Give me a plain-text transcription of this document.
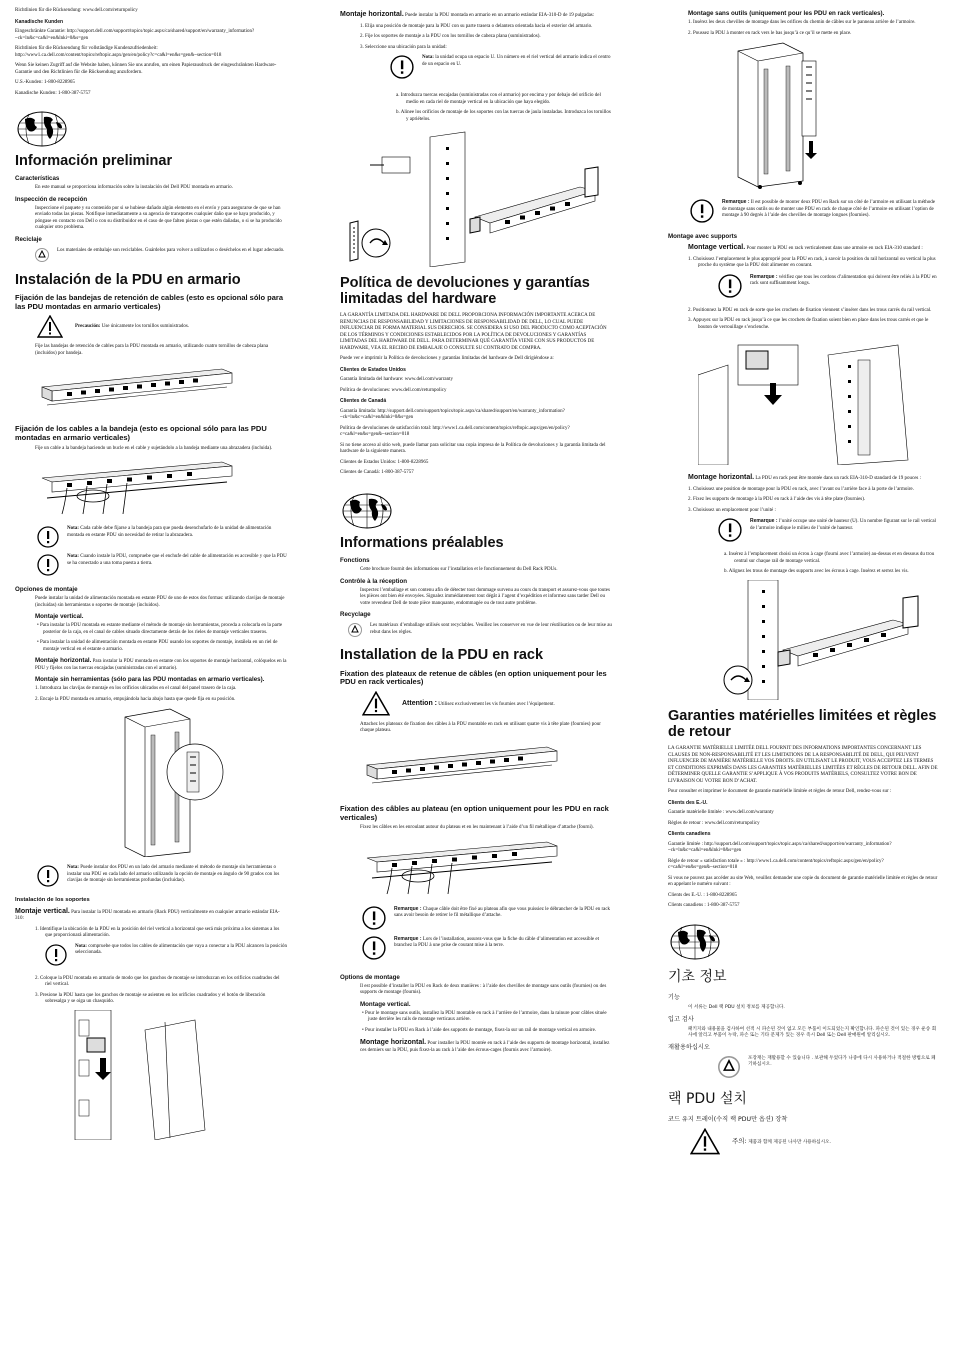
Richtlinien für die Rücksendung: www.dell.com/returnpolicy

Kanadische Kunden

Eingeschränkte Garantie: http://support.dell.com/support/topics/topic.aspx/ca/shared/support/en/warranty_information?~ck=ln&c=ca&l=en&lnki=0&s=gen

Richtlinien für die Rücksendung für vollständige Kundenzufriedenheit: http://www1.ca.dell.com/content/topics/reftopic.aspx/gen/en/policy?c=ca&l=en&s=gen&~section=018

Wenn Sie keinen Zugriff auf die Website haben, können Sie uns anrufen, um einen Papierausdruck der eingeschränkten Hardware-Garantie und den Richtlinien für die Rücksendung anzufordern.

U.S.-Kunden: 1-800-8228965

Kanadische Kunden: 1-800-387-5757

Información preliminar
Características

En este manual se proporciona información sobre la instalación del Dell PDU montada en armario.

Inspección de recepción

Inspeccione el paquete y su contenido por si se hubiese dañado algún elemento en el envío y para asegurarse de que se han enviado todas las piezas. Notifique inmediatamente a su agencia de transportes cualquier daño que se haya producido, y póngase en contacto con Dell o con su distribuidor en el caso de que falten piezas o que estén dañadas, o si se ha producido cualquier otro problema.

Reciclaje
Los materiales de embalaje son reciclables. Guárdelos para volver a utilizarlos o deséchelos en el lugar adecuado.
Instalación de la PDU en armario
Fijación de las bandejas de retención de cables (esto es opcional sólo para las PDU montadas en armario verticales)
Precaución: Use únicamente los tornillos suministrados.

Fije las bandejas de retención de cables para la PDU montada en armario, utilizando cuatro tornillos de cabeza plana (incluidos) por bandeja.

Fijación de los cables a la bandeja (esto es opcional sólo para las PDU montadas en armario verticales)

Fije un cable a la bandeja haciendo un bucle en el cable y sujetándolo a la bandeja mediante una abrazadera (incluida).

Nota: Cada cable debe fijarse a la bandeja para que pueda desenchufarlo de la unidad de alimentación montada en estante PDU sin necesidad de retirar la abrazadera.
Nota: Cuando instale la PDU, compruebe que el enchufe del cable de alimentación es accesible y que la PDU se ha conectado a una toma puesta a tierra.
Opciones de montaje

Puede instalar la unidad de alimentación montada en estante PDU de uno de estos dos formas: utilizando clavijas de montaje (incluidas) sin herramientas o soportes de montaje (incluidos).

Montaje vertical.

• Para instalar la PDU montada en estante mediante el método de montaje sin herramientas, proceda a colocarla en la parte posterior de la caja, en el canal de cables situado directamente detrás de los rieles de montaje verticales traseros.

• Para instalar la unidad de alimentación montada en estante PDU usando los soportes de montaje, instálela en un riel de montaje vertical en el estante o armario.

Montaje horizontal. Para instalar la PDU montada en estante con los soportes de montaje horizontal, colóquelos en la PDU y fíjelos con las tuercas encajadas (suministradas con el armario).

Montaje sin herramientas (sólo para las PDU montadas en armario verticales).

1. Introduzca las clavijas de montaje en los orificios ubicados en el canal del panel trasero de la caja.

2. Encaje la PDU montada en armario, empujándola hacia abajo hasta que quede fija en su posición.

Nota: Puede instalar dos PDU en un lado del armario mediante el método de montaje sin herramientas o instalar una PDU en cada lado del armario utilizando la opción de montaje en ángulo de 90 grados con los clavijas de montaje sin herramientas profundas (incluidas).
Instalación de los soportes

Montaje vertical. Para instalar la PDU montada en armario (Rack PDU) verticalmente en cualquier armario estándar EIA-310:

1. Identifique la ubicación de la PDU en la posición del riel vertical a horizontal que será más próxima a los sistemas a los que proporcionará alimentación.

Nota: compruebe que todos los cables de alimentación que vaya a conectar a la PDU alcancen la posición seleccionada.

2. Coloque la PDU montada en armario de modo que los ganchos de montaje se introduzcan en los orificios cuadrados del riel vertical.

3. Presione la PDU hasta que los ganchos de montaje se asienten en los orificios cuadrados y el botón de liberación sobresalga y se oiga un chasquido.

Montaje horizontal. Puede instalar la PDU montada en armario en un armario estándar EIA-310-D de 19 pulgadas:

1. Elija una posición de montaje para la PDU con su parte trasera o delantera orientada hacia el exterior del armario.

2. Fije los soportes de montaje a la PDU con los tornillos de cabeza plana (suministrados).

3. Seleccione una ubicación para la unidad:

Nota: la unidad ocupa un espacio U. Un número en el riel vertical del armario indica el centro de un espacio en U.

a. Introduzca tuercas encajadas (suministradas con el armario) por encima y por debajo del orificio del medio en cada riel de montaje vertical en la ubicación que haya elegido.

b. Alinee los orificios de montaje de los soportes con las tuercas de jaula instaladas. Introduzca los tornillos y apriételos.

Política de devoluciones y garantías limitadas del hardware

LA GARANTÍA LIMITADA DEL HARDWARE DE DELL PROPORCIONA INFORMACIÓN IMPORTANTE ACERCA DE RENUNCIAS DE RESPONSABILIDAD Y LIMITACIONES DE RESPONSABILIDAD DE DELL, LO CUAL PUEDE INFLUENCIAR DE FORMA MATERIAL SUS DERECHOS. SE CONSIDERA SI USO DEL PRODUCTO COMO ACEPTACIÓN DE LOS TÉRMINOS Y CONDICIONES ESTABLECIDOS POR LA POLÍTICA DE DEVOLUCIONES Y GARANTÍAS LIMITADAS DEL HARDWARE DE DELL. PARA DETERMINAR QUÉ GARANTÍA VIENE CON SUS PRODUCTOS DE HARDWARE, VEA EL RECIBO DE EMBALAJE O CONSULTE SU CONTRATO DE COMPRA.

Puede ver e imprimir la Política de devoluciones y garantías limitadas del hardware de Dell dirigiéndose a:

Clientes de Estados Unidos

Garantía limitada del hardware: www.dell.com/warranty

Política de devoluciones: www.dell.com/returnpolicy

Clientes de Canadá

Garantía limitada: http://support.dell.com/support/topics/topic.aspx/ca/shared/support/en/warranty_information?~ck=ln&c=ca&l=en&lnki=0&s=gen

Política de devoluciones de satisfacción total: http://www1.ca.dell.com/content/topics/reftopic.aspx/gen/en/policy?c=ca&l=en&s=gen&~section=018

Si no tiene acceso al sitio web, puede llamar para solicitar una copia impresa de la Política de devoluciones y la garantía limitada del hardware de la siguiente manera.

Clientes de Estados Unidos: 1-800-8228965

Clientes de Canadá: 1-800-387-5757

Informations préalables
Fonctions

Cette brochure fournit des informations sur l’installation et le fonctionnement du Dell Rack PDUs.

Contrôle à la réception

Inspectez l’emballage et son contenu afin de détecter tout dommage survenu au cours du transport et assurez-vous que toutes les pièces ont bien été envoyées. Signalez immédiatement tout dégât à l’agent d’expédition et informez sans tarder Dell ou votre revendeur Dell de toute pièce manquante, endommagée ou de tout autre problème.

Recyclage
Les matériaux d’emballage utilisés sont recyclables. Veuillez les conserver en vue de leur réutilisation ou de leur mise au rebut dans les règles.
Installation de la PDU en rack
Fixation des plateaux de retenue de câbles (en option uniquement pour les PDU en rack verticales)
Attention : Utilisez exclusivement les vis fournies avec l’équipement.

Attachez les plateaux de fixation des câbles à la PDU montable en rack en utilisant quatre vis à tête plate (fournies) pour chaque plateau.

Fixation des câbles au plateau (en option uniquement pour les PDU en rack verticales)

Fixez les câbles en les enroulant autour du plateau et en les maintenant à l’aide d’un fil métallique d’attache (fourni).

Remarque : Chaque câble doit être fixé au plateau afin que vous puissiez le débrancher de la PDU en rack sans avoir besoin de retirer le fil métallique d’attache.
Remarque : Lors de l’installation, assurez-vous que la fiche du câble d’alimentation est accessible et branchez la PDU à une prise de courant mise à la terre.
Options de montage

Il est possible d’installer la PDU en Rack de deux manières : à l’aide des chevilles de montage sans outils (fournies) ou des supports de montage (fournis).

Montage vertical.

• Pour le montage sans outils, installez la PDU montable en rack à l’arrière de l’armoire, dans la rainure pour câbles située juste derrière les rails de montage verticaux arrière.

• Pour installer la PDU en Rack à l’aide des supports de montage, fixez-la sur un rail de montage vertical en armoire.

Montage horizontal. Pour installer la PDU montée en rack à l’aide des supports de montage horizontal, installez ces derniers sur la PDU, puis fixez-la au rack à l’aide des écrous-cages (fournis avec l’armoire).

Montage sans outils (uniquement pour les PDU en rack verticales).

1. Insérez les deux chevilles de montage dans les orifices du chemin de câbles sur le panneau arrière de l’armoire.

2. Poussez la PDU à monter en rack vers le bas jusqu’à ce qu’il se mette en place.

Remarque : Il est possible de monter deux PDU en Rack sur un côté de l’armoire en utilisant la méthode de montage sans outils ou de monter une PDU en rack de chaque côté de l’armoire en utilisant l’option de montage à 90 degrés à l’aide des chevilles de montage longues (fournies).
Montage avec supports

Montage vertical. Pour monter la PDU en rack verticalement dans une armoire en rack EIA-310 standard :

1. Choisissez l’emplacement le plus approprié pour la PDU en rack, à savoir la position du rail horizontal ou vertical la plus proche du système que la PDU doit alimenter en courant.

Remarque : vérifiez que tous les cordons d’alimentation qui doivent être reliés à la PDU en rack sont suffisamment longs.

2. Positionnez la PDU en rack de sorte que les crochets de fixation viennent s’insérer dans les trous carrés du rail vertical.

3. Appuyez sur la PDU en rack jusqu’à ce que les crochets de fixation soient bien en place dans les trous carrés et que le bouton de verrouillage s’enclenche.

Montage horizontal. La PDU en rack peut être montée dans un rack EIA-310-D standard de 19 pouces :

1. Choisissez une position de montage pour la PDU en rack, avec l’avant ou l’arrière face à la porte de l’armoire.

2. Fixez les supports de montage à la PDU en rack à l’aide des vis à tête plate (fournies).

3. Choisissez un emplacement pour l’unité :

Remarque : l’unité occupe une unité de hauteur (U). Un nombre figurant sur le rail vertical de l’armoire indique le milieu de l’unité de hauteur.

a. Insérez à l’emplacement choisi un écrou à cage (fourni avec l’armoire) au-dessus et en dessous du trou central sur chaque rail de montage vertical.

b. Alignez les trous de montage des supports avec les écrous à cage. Insérez et serrez les vis.

Garanties matérielles limitées et règles de retour

LA GARANTIE MATÉRIELLE LIMITÉE DELL FOURNIT DES INFORMATIONS IMPORTANTES CONCERNANT LES CLAUSES DE NON-RESPONSABILITÉ ET LES LIMITATIONS DE LA RESPONSABILITÉ DE DELL, QUI PEUVENT INFLUENCER DE MANIÈRE MATÉRIELLE VOS DROITS. EN UTILISANT LE PRODUIT, VOUS ACCEPTEZ LES TERMES ET CONDITIONS EXPRIMÉS DANS LES GARANTIES MATÉRIELLES LIMITÉES ET RÈGLES DE RETOUR DELL. AFIN DE DÉTERMINER QUELLE GARANTIE S’APPLIQUE À VOS PRODUITS MATÉRIELS, CONSULTEZ VOTRE BON DE LIVRAISON OU VOTRE BON D’ACHAT.

Pour consulter et imprimer le document de garantie matérielle limitée et règles de retour Dell, rendez-vous sur :

Clients des E.-U.

Garantie matérielle limitée : www.dell.com/warranty

Règles de retour : www.dell.com/returnpolicy

Clients canadiens

Garantie limitée : http://support.dell.com/support/topics/topic.aspx/ca/shared/support/en/warranty_information?~ck=ln&c=ca&l=en&lnki=0&s=gen

Règle de retour « satisfaction totale » : http://www1.ca.dell.com/content/topics/reftopic.aspx/gen/en/policy?c=ca&l=en&s=gen&~section=018

Si vous ne pouvez pas accéder au site Web, veuillez demander une copie du document de garantie matérielle limitée et règles de retour en appelant le numéro suivant :

Clients des E.-U. : 1-800-8228965

Clients canadiens : 1-800-387-5757

기초 정보
기능

이 서류는 Dell 랙 PDU 설치 정보를 제공합니다.

입고 검사

패키지와 내용물을 검사하여 선적 시 파손된 것이 없고 모든 부품이 이도되었는지 확인합니다. 파손된 것이 있는 경우 운송 회사에 알리고 부품이 누락, 파손 또는 기타 문제가 있는 경우 즉시 Dell 또는 Dell 판매원에 알리십시오.

재활용하십시오
포장재는 재활용할 수 있습니다 . 보관해 두었다가 나중에 다시 사용하거나 적절한 방법으로 폐기하십시오.
랙 PDU 설치
코드 유지 트레이(수직 랙 PDU만 옵션) 장착
주의: 제품과 함께 제공된 나사만 사용하십시오.
